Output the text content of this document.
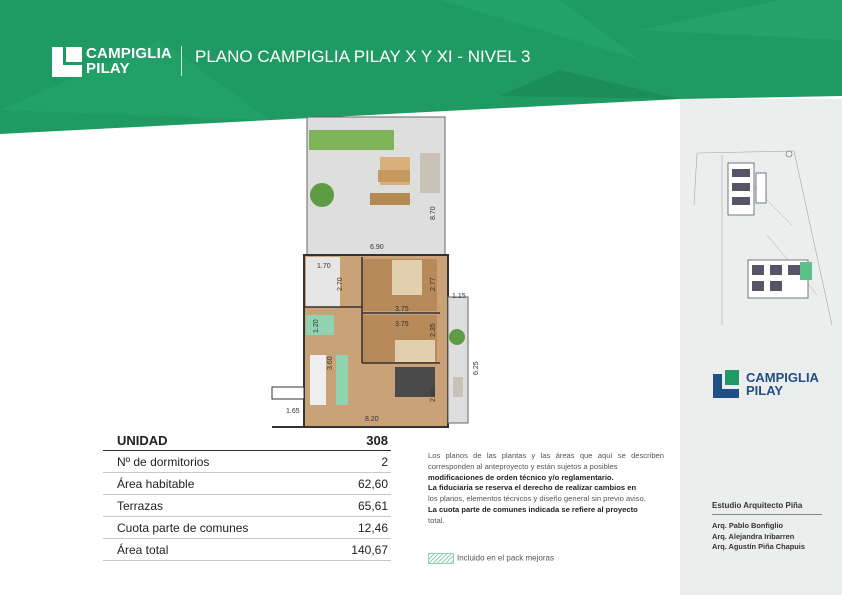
CAMPIGLIA
PILAY
PLANO CAMPIGLIA PILAY X Y XI - NIVEL 3
CAMPIGLIA
PILAY
Estudio Arquitecto Piña
Arq. Pablo Bonfiglio
Arq. Alejandra Iribarren
Arq. Agustín Piña Chapuis
8.70
6.90
1.70
2.70	2.77
3.75
1.15
3.75	2.35
1.20
3.60	6.25
2.80
1.65
8.20
UNIDAD	308
Nº de dormitorios	2
Área habitable	62,60
Terrazas	65,61
Cuota parte de comunes	12,46
Área total	140,67
Los planos de las plantas y las áreas que aquí se describen corresponden al anteproyecto y están sujetos a posibles
modificaciones de orden técnico y/o reglamentario.
La fiduciaria se reserva el derecho de realizar cambios en
los planos, elementos técnicos y diseño general sin previo aviso.
La cuota parte de comunes indicada se refiere al proyecto
total.
Incluido en el pack mejoras
